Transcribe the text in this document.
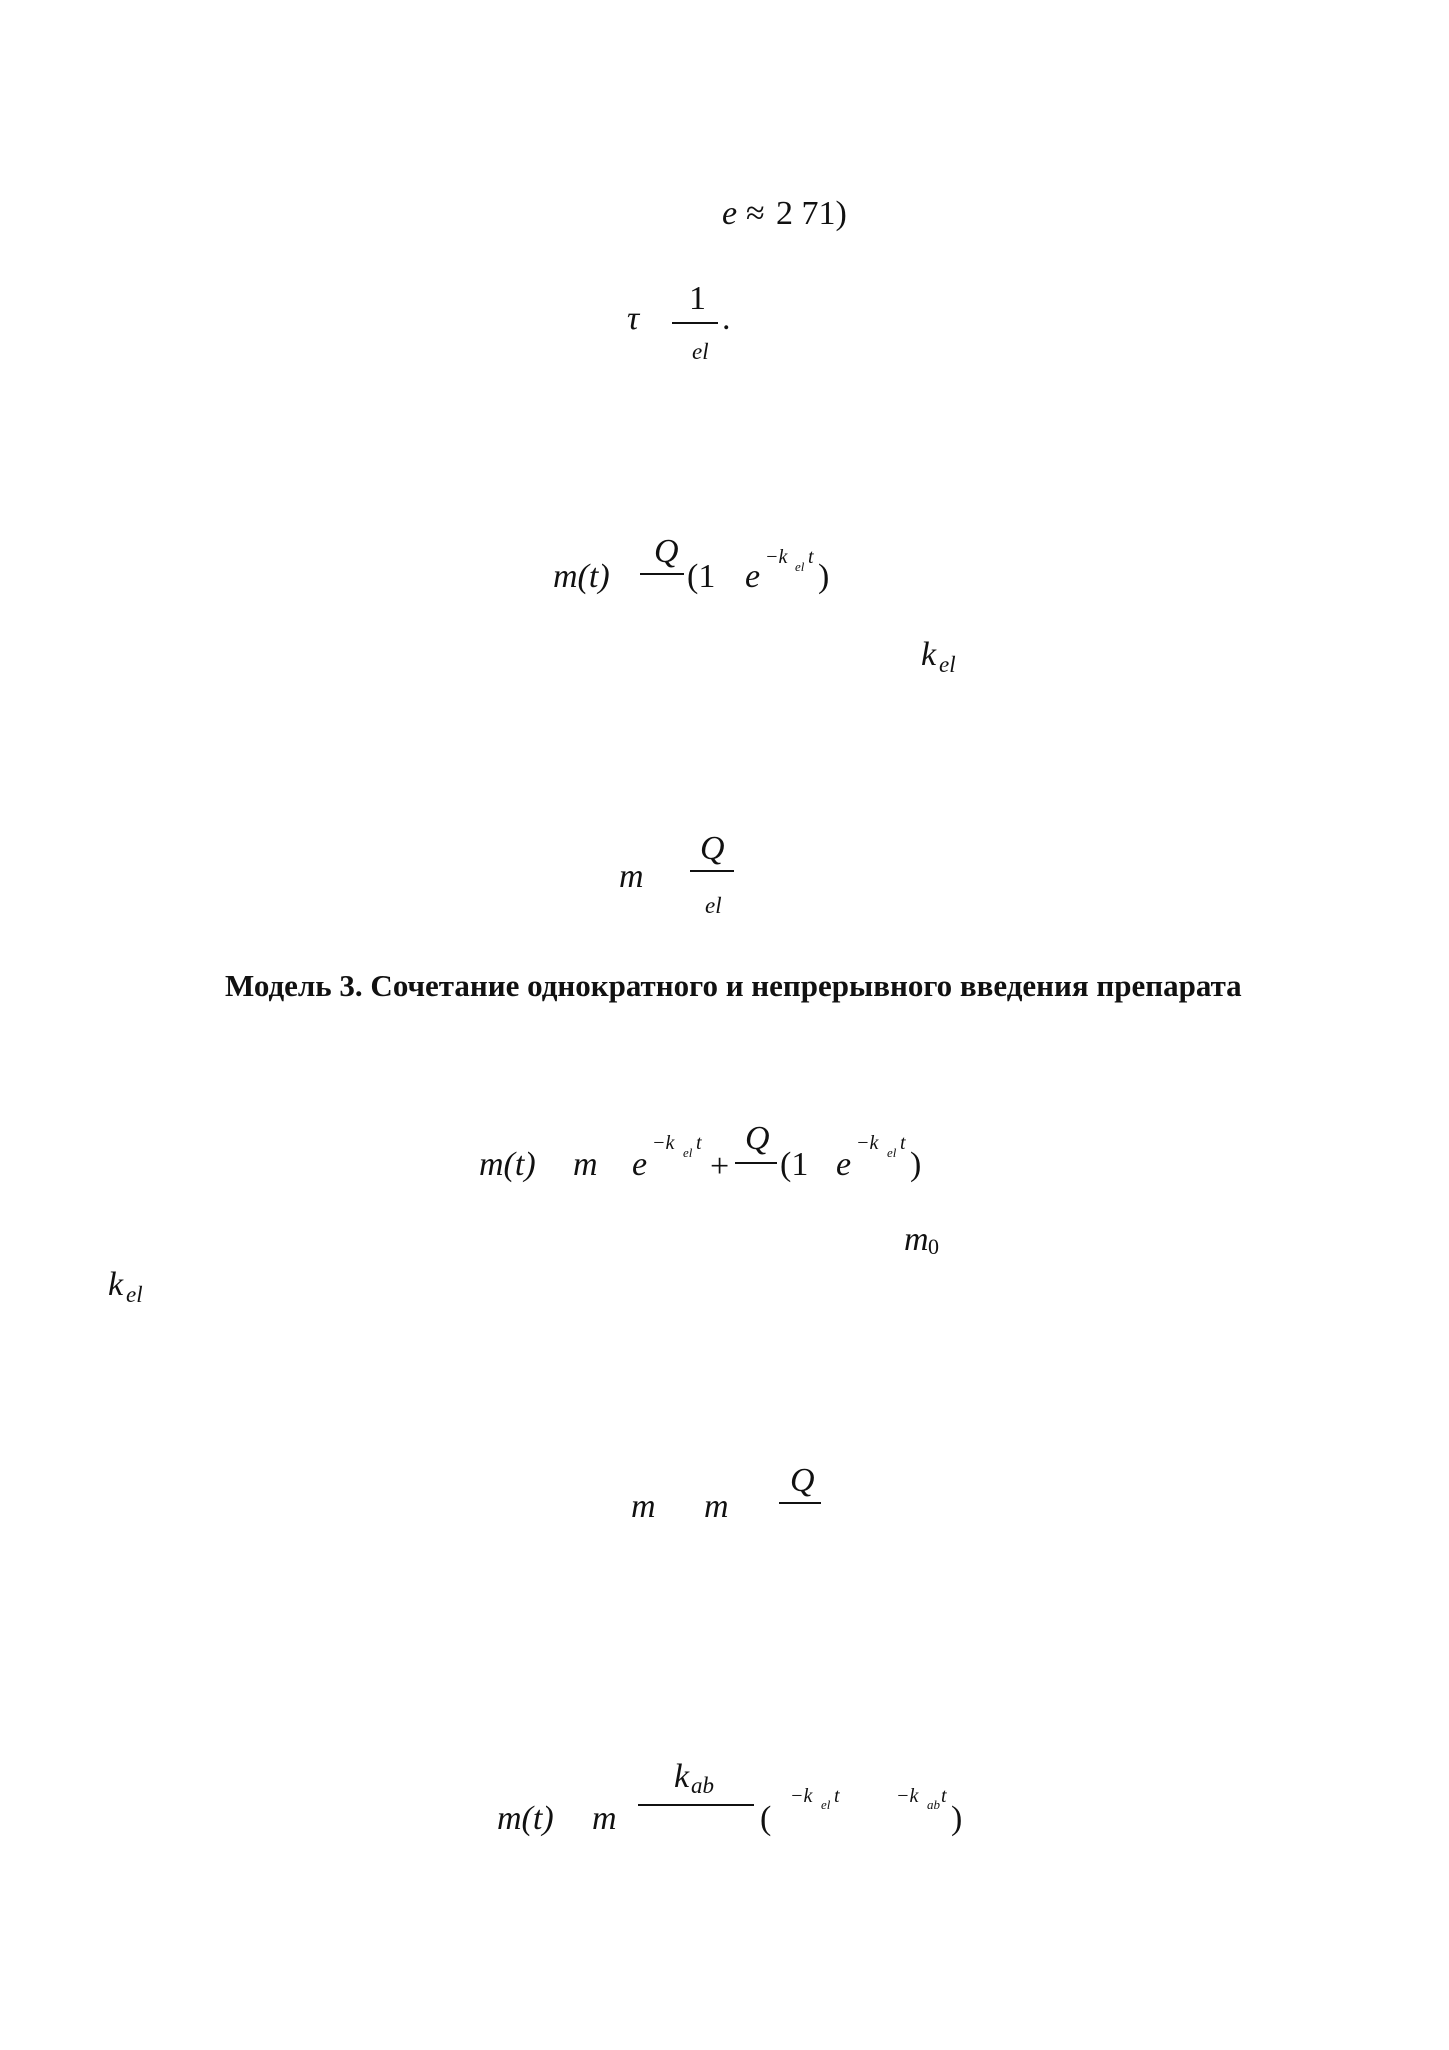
e ≈ 2 71)
τ
1
el
.
m(t)
Q
(1 e
−k el t
)
k el
m
Q
el
Модель 3. Сочетание однократного и непрерывного введения препарата
m(t) m e
−k el t
+
Q
(1 e
−k el t
)
m 0
k el
m m
Q
m(t) m
k ab
(
−k el t	−k ab t
)
